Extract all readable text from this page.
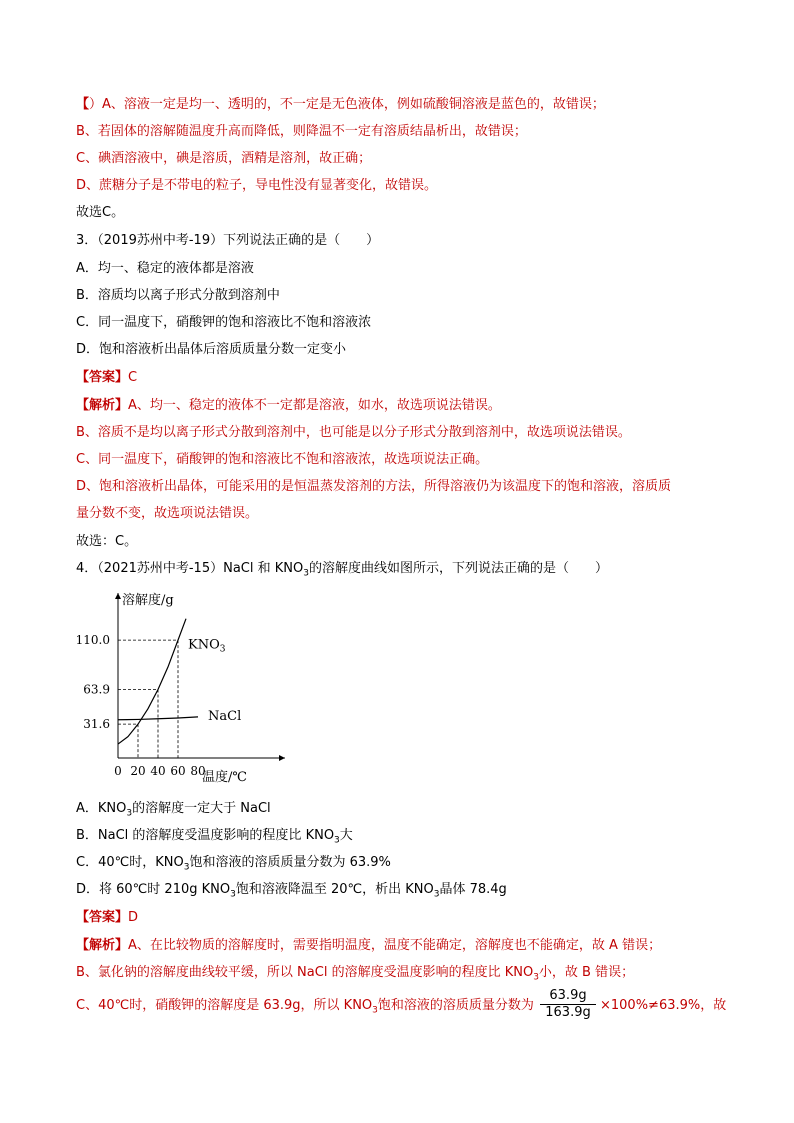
【）A、溶液一定是均一、透明的，不一定是无色液体，例如硫酸铜溶液是蓝色的，故错误；
B、若固体的溶解随温度升高而降低，则降温不一定有溶质结晶析出，故错误；
C、碘酒溶液中，碘是溶质，酒精是溶剂，故正确；
D、蔗糖分子是不带电的粒子，导电性没有显著变化，故错误。
故选C。
3．（2019苏州中考-19）下列说法正确的是（　　）
A．均一、稳定的液体都是溶液
B．溶质均以离子形式分散到溶剂中
C．同一温度下，硝酸钾的饱和溶液比不饱和溶液浓
D．饱和溶液析出晶体后溶质质量分数一定变小
【答案】C
【解析】A、均一、稳定的液体不一定都是溶液，如水，故选项说法错误。
B、溶质不是均以离子形式分散到溶剂中，也可能是以分子形式分散到溶剂中，故选项说法错误。
C、同一温度下，硝酸钾的饱和溶液比不饱和溶液浓，故选项说法正确。
D、饱和溶液析出晶体，可能采用的是恒温蒸发溶剂的方法，所得溶液仍为该温度下的饱和溶液，溶质质
量分数不变，故选项说法错误。
故选：C。
4．（2021苏州中考-15）NaCl 和 $KNO_3$的溶解度曲线如图所示，下列说法正确的是（　　）
溶解度/g
温度/℃
0 20 40 60 80
31.6
63.9
110.0	$KNO_3$
NaCl
A．$KNO_3$的溶解度一定大于 NaCl
B．NaCl 的溶解度受温度影响的程度比 $KNO_3$大
C．40℃时，$KNO_3$饱和溶液的溶质质量分数为 63.9%
D．将 60℃时 210g $KNO_3$饱和溶液降温至 20℃，析出 $KNO_3$晶体 78.4g
【答案】D
【解析】A、在比较物质的溶解度时，需要指明温度，温度不能确定，溶解度也不能确定，故 A 错误；
B、氯化钠的溶解度曲线较平缓，所以 NaCl 的溶解度受温度影响的程度比 $KNO_3$小，故 B 错误；
C、40℃时，硝酸钾的溶解度是 63.9g，所以 $KNO_3$饱和溶液的溶质质量分数为 $\frac{63.9g}{163.9g} \times 100\%\ne 63.9\%$，故
